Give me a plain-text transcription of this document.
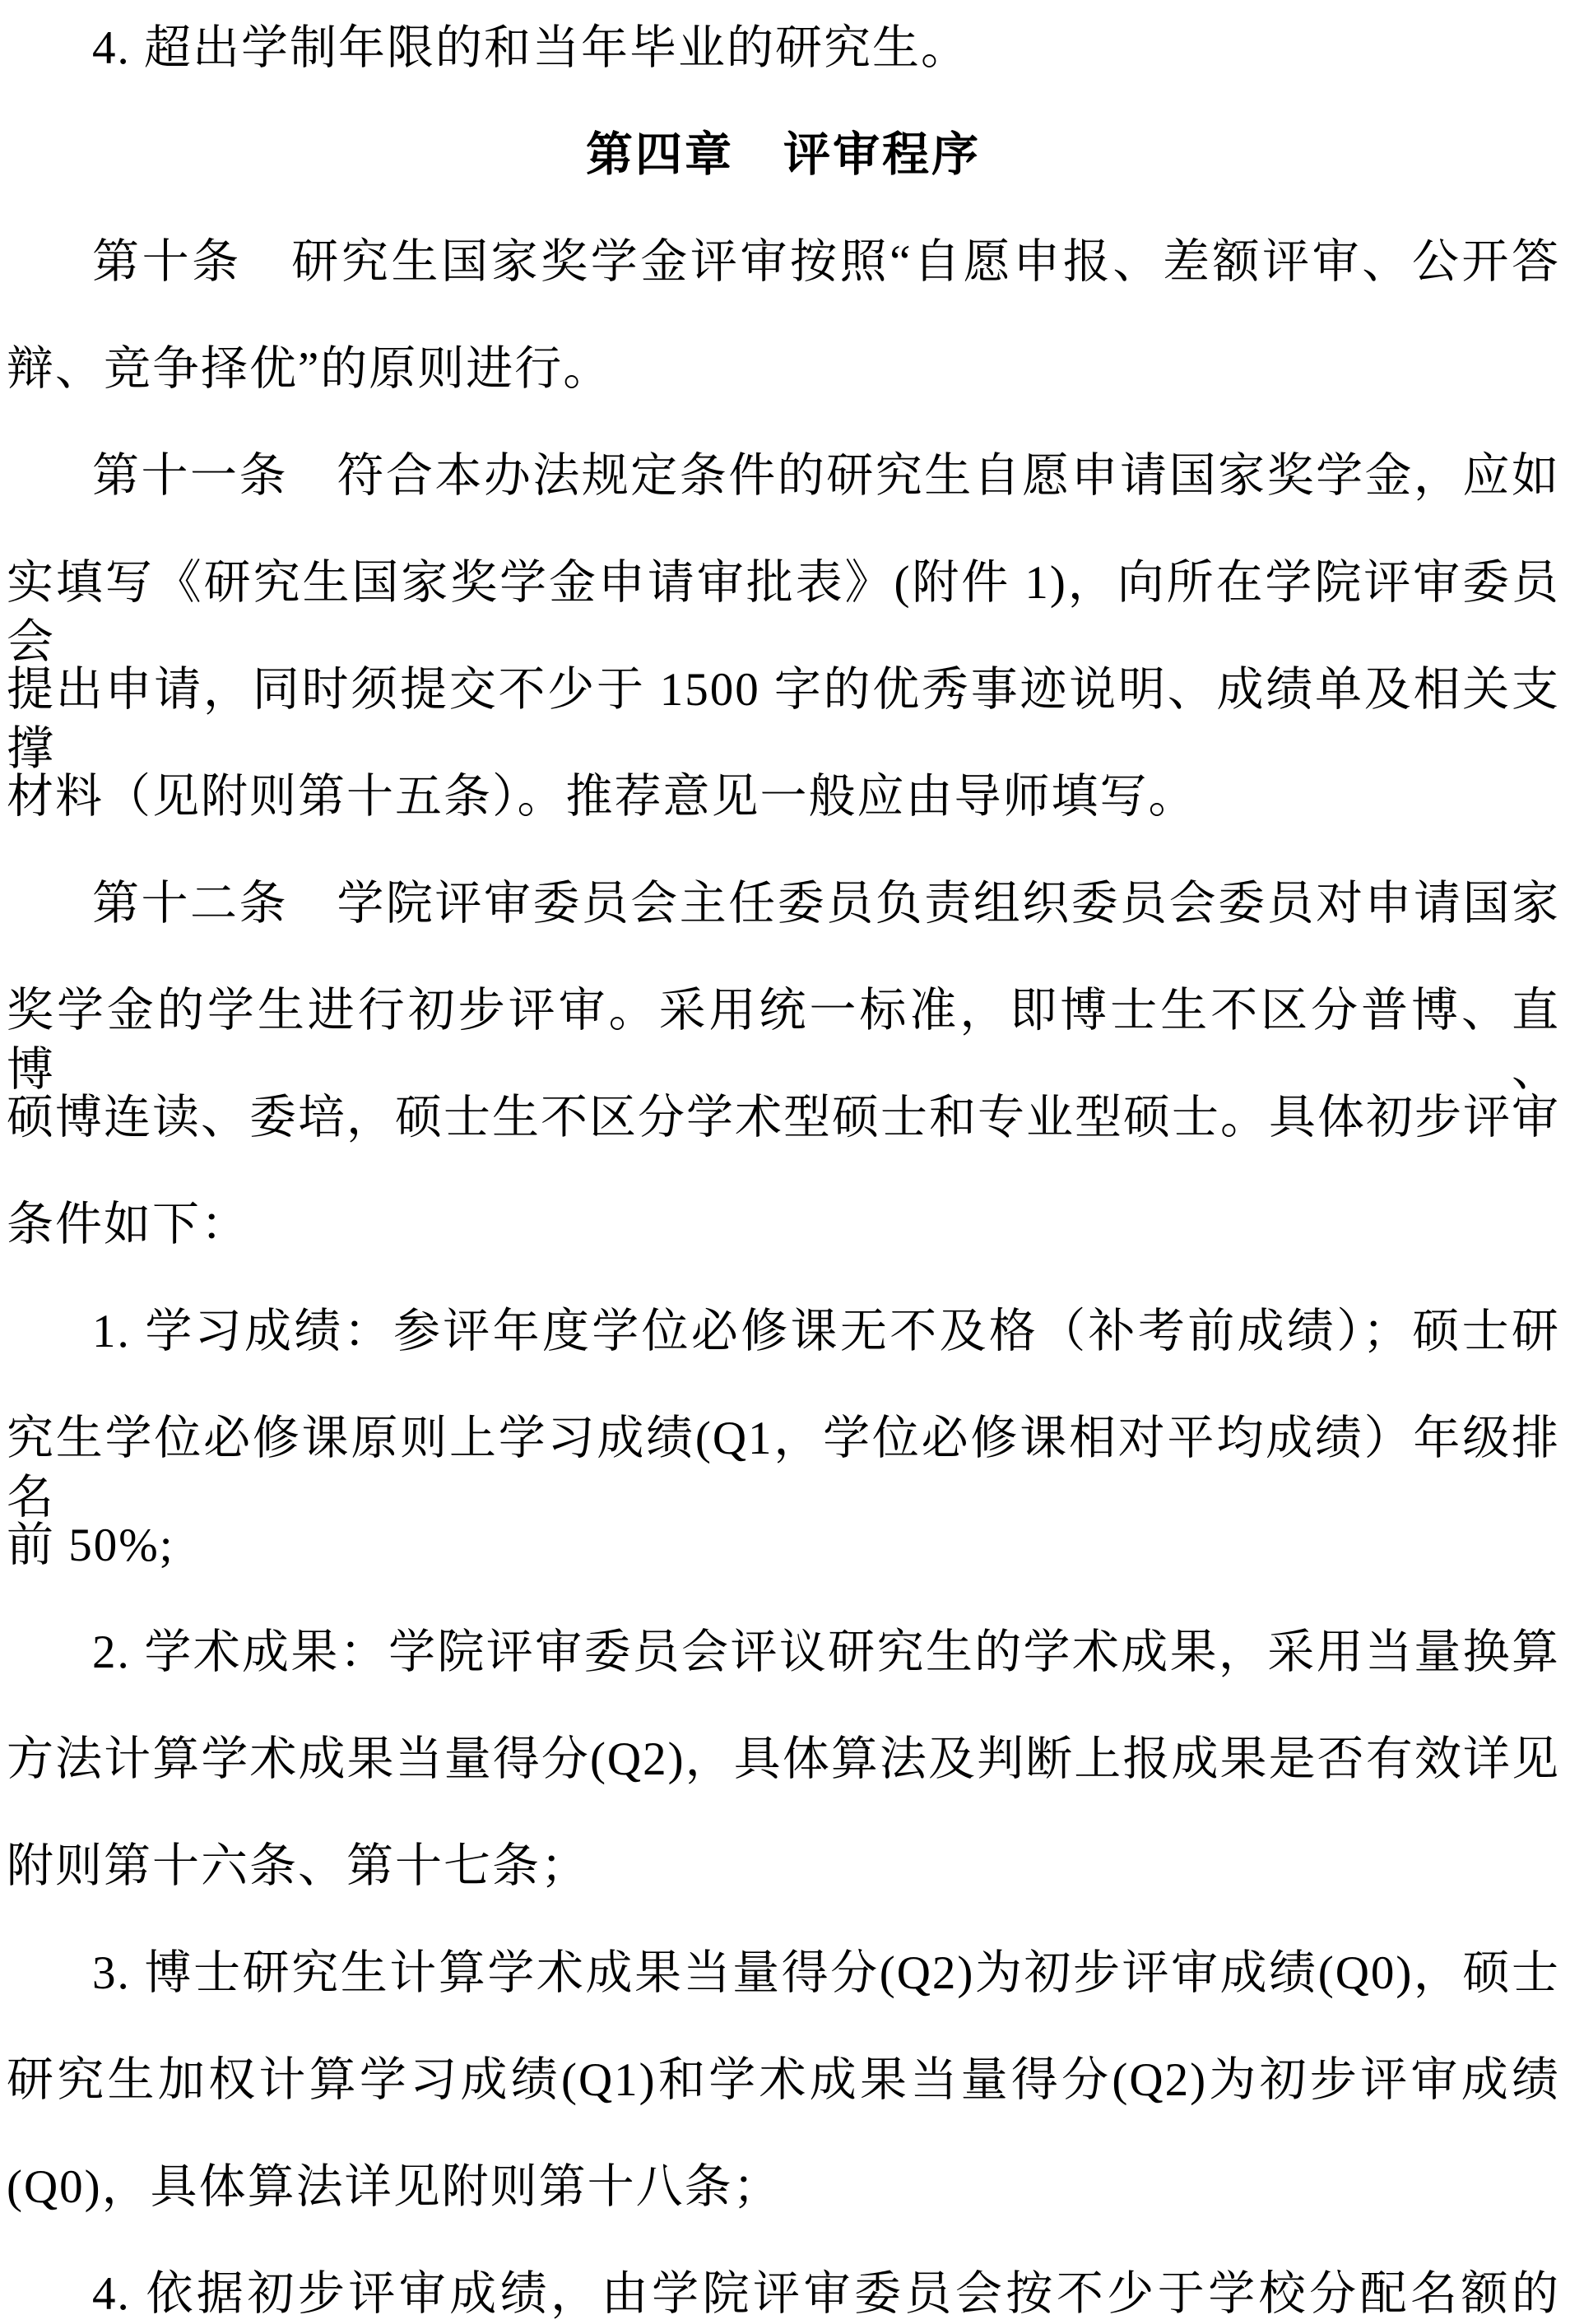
4. 超出学制年限的和当年毕业的研究生。
第四章　评审程序
第十条　研究生国家奖学金评审按照“自愿申报、差额评审、公开答
辩、竞争择优”的原则进行。
第十一条　符合本办法规定条件的研究生自愿申请国家奖学金，应如
实填写《研究生国家奖学金申请审批表》(附件 1)，向所在学院评审委员会
提出申请，同时须提交不少于 1500 字的优秀事迹说明、成绩单及相关支撑
材料（见附则第十五条）。推荐意见一般应由导师填写。
第十二条　学院评审委员会主任委员负责组织委员会委员对申请国家
奖学金的学生进行初步评审。采用统一标准，即博士生不区分普博、直博、
硕博连读、委培，硕士生不区分学术型硕士和专业型硕士。具体初步评审
条件如下：
1. 学习成绩：参评年度学位必修课无不及格（补考前成绩）；硕士研
究生学位必修课原则上学习成绩(Q1，学位必修课相对平均成绩）年级排名
前 50%;
2. 学术成果：学院评审委员会评议研究生的学术成果，采用当量换算
方法计算学术成果当量得分(Q2)，具体算法及判断上报成果是否有效详见
附则第十六条、第十七条；
3. 博士研究生计算学术成果当量得分(Q2)为初步评审成绩(Q0)，硕士
研究生加权计算学习成绩(Q1)和学术成果当量得分(Q2)为初步评审成绩
(Q0)，具体算法详见附则第十八条；
4. 依据初步评审成绩，由学院评审委员会按不少于学校分配名额的
